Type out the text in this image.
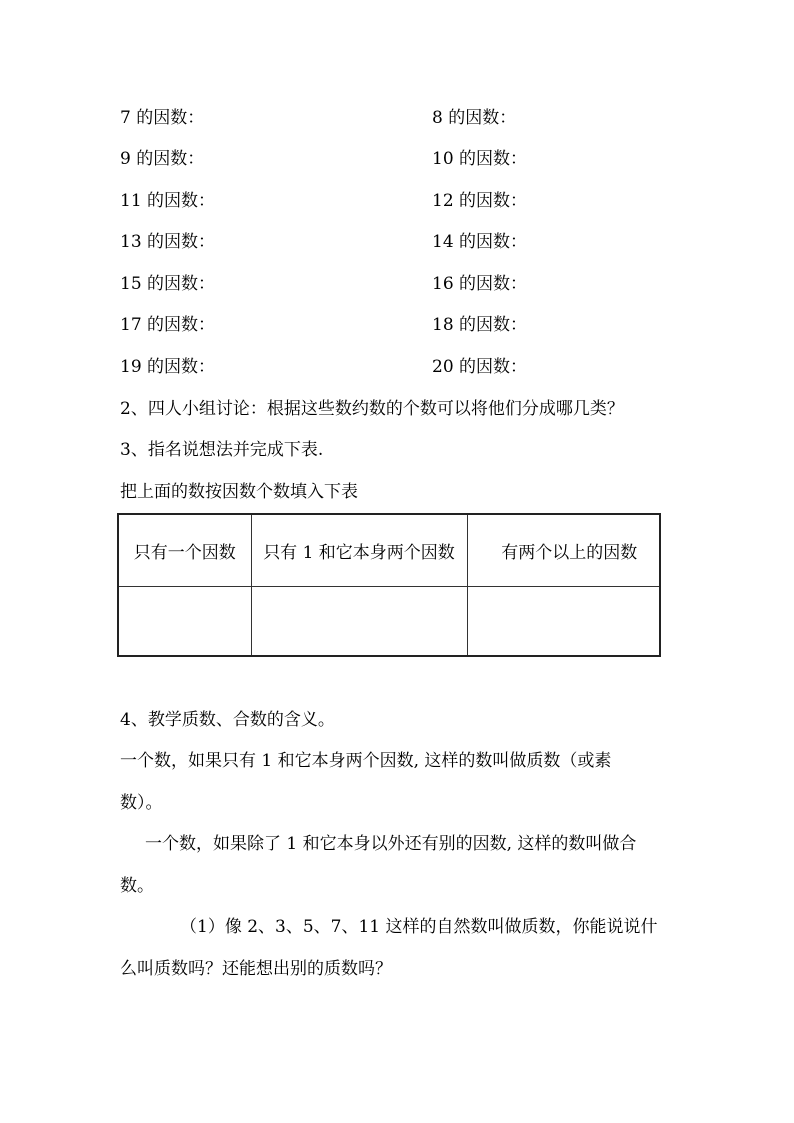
7 的因数：	8 的因数：
9 的因数：	10 的因数：
11 的因数：	12 的因数：
13 的因数：	14 的因数：
15 的因数：	16 的因数：
17 的因数：	18 的因数：
19 的因数：	20 的因数：
2、四人小组讨论：根据这些数约数的个数可以将他们分成哪几类？
3、指名说想法并完成下表.
把上面的数按因数个数填入下表
只有一个因数	只有 1 和它本身两个因数	有两个以上的因数

4、教学质数、合数的含义。
一个数，如果只有 1 和它本身两个因数, 这样的数叫做质数（或素
数）。
一个数，如果除了 1 和它本身以外还有别的因数, 这样的数叫做合
数。
（1）像 2、3、5、7、11 这样的自然数叫做质数，你能说说什
么叫质数吗？还能想出别的质数吗？
